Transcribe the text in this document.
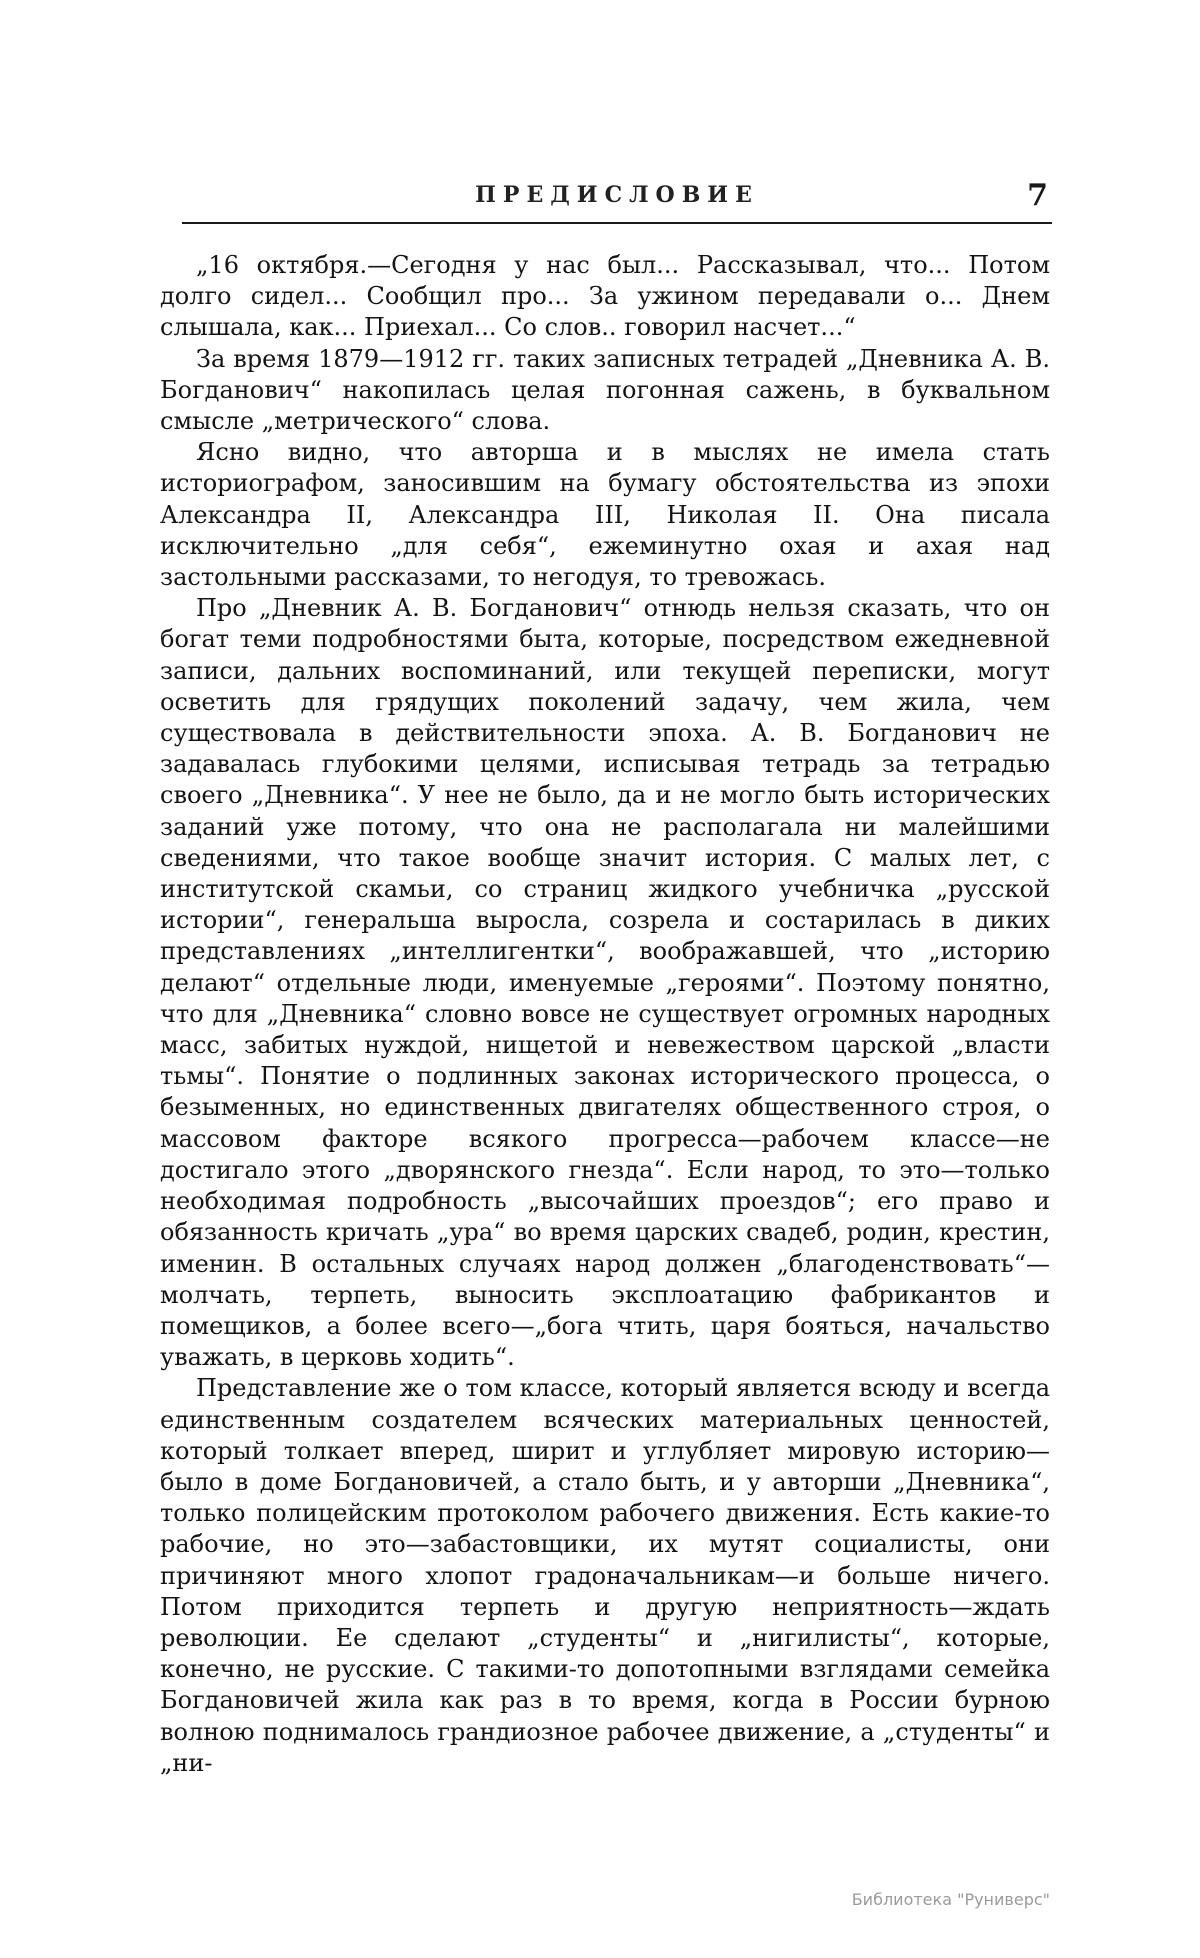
ПРЕДИСЛОВИЕ	7

„16 октября.—Сегодня у нас был... Рассказывал, что... Потом долго сидел... Сообщил про... За ужином передавали о... Днем слышала, как... Приехал... Со слов.. говорил насчет...“

За время 1879—1912 гг. таких записных тетрадей „Дневника А. В. Богданович“ накопилась целая погонная сажень, в буквальном смысле „метрического“ слова.

Ясно видно, что авторша и в мыслях не имела стать историографом, заносившим на бумагу обстоятельства из эпохи Александра II, Александра III, Николая II. Она писала исключительно „для себя“, ежеминутно охая и ахая над застольными рассказами, то негодуя, то тревожась.

Про „Дневник А. В. Богданович“ отнюдь нельзя сказать, что он богат теми подробностями быта, которые, посредством ежедневной записи, дальних воспоминаний, или текущей переписки, могут осветить для грядущих поколений задачу, чем жила, чем существовала в действительности эпоха. А. В. Богданович не задавалась глубокими целями, исписывая тетрадь за тетрадью своего „Дневника“. У нее не было, да и не могло быть исторических заданий уже потому, что она не располагала ни малейшими сведениями, что такое вообще значит история. С малых лет, с институтской скамьи, со страниц жидкого учебничка „русской истории“, генеральша выросла, созрела и состарилась в диких представлениях „интеллигентки“, воображавшей, что „историю делают“ отдельные люди, именуемые „героями“. Поэтому понятно, что для „Дневника“ словно вовсе не существует огромных народных масс, забитых нуждой, нищетой и невежеством царской „власти тьмы“. Понятие о подлинных законах исторического процесса, о безыменных, но единственных двигателях общественного строя, о массовом факторе всякого прогресса—рабочем классе—не достигало этого „дворянского гнезда“. Если народ, то это—только необходимая подробность „высочайших проездов“; его право и обязанность кричать „ура“ во время царских свадеб, родин, крестин, именин. В остальных случаях народ должен „благоденствовать“—молчать, терпеть, выносить эксплоатацию фабрикантов и помещиков, а более всего—„бога чтить, царя бояться, начальство уважать, в церковь ходить“.

Представление же о том классе, который является всюду и всегда единственным создателем всяческих материальных ценностей, который толкает вперед, ширит и углубляет мировую историю—было в доме Богдановичей, а стало быть, и у авторши „Дневника“, только полицейским протоколом рабочего движения. Есть какие-то рабочие, но это—забастовщики, их мутят социалисты, они причиняют много хлопот градоначальникам—и больше ничего. Потом приходится терпеть и другую неприятность—ждать революции. Ее сделают „студенты“ и „нигилисты“, которые, конечно, не русские. С такими-то допотопными взглядами семейка Богдановичей жила как раз в то время, когда в России бурною волною поднималось грандиозное рабочее движение, а „студенты“ и „ни-

Библиотека "Руниверс"
